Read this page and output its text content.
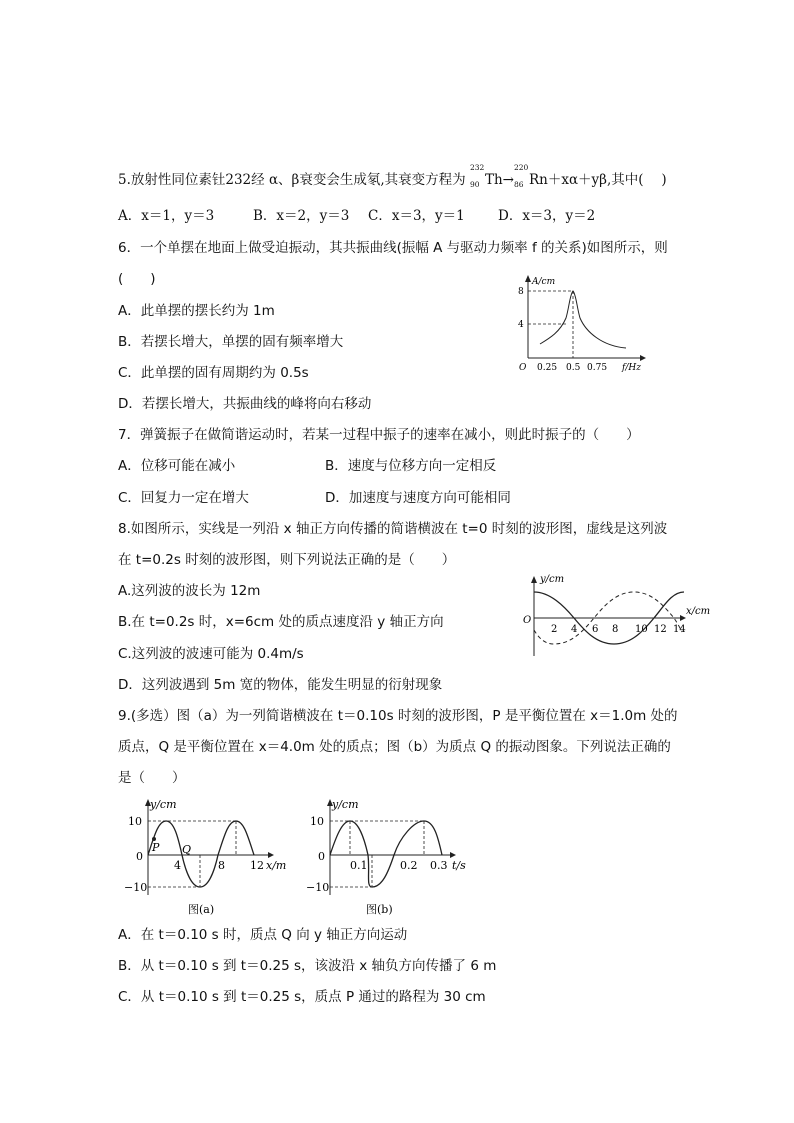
5.放射性同位素钍232经 α、β衰变会生成氡,其衰变方程为
232
90 Th→
220
86 Rn＋xα＋yβ,其中(　 )
A．x＝1，y＝3	B．x＝2，y＝3 C．x＝3，y＝1 D．x＝3，y＝2
6．一个单摆在地面上做受迫振动，其共振曲线(振幅 A 与驱动力频率 f 的关系)如图所示，则
(　　)
A．此单摆的摆长约为 1m
B．若摆长增大，单摆的固有频率增大
C．此单摆的固有周期约为 0.5s
D．若摆长增大，共振曲线的峰将向右移动
A/cm
8
4
O 0.25 0.5 0.75 f/Hz
7．弹簧振子在做简谐运动时，若某一过程中振子的速率在减小，则此时振子的（　　）
A．位移可能在减小	B．速度与位移方向一定相反
C．回复力一定在增大	D．加速度与速度方向可能相同
8.如图所示，实线是一列沿 x 轴正方向传播的简谐横波在 t=0 时刻的波形图，虚线是这列波
在 t=0.2s 时刻的波形图，则下列说法正确的是（　　）
A.这列波的波长为 12m
B.在 t=0.2s 时，x=6cm 处的质点速度沿 y 轴正方向
C.这列波的波速可能为 0.4m/s
D．这列波遇到 5m 宽的物体，能发生明显的衍射现象
y/cm
O
2 4 6 8 10 12 14
x/cm
9.(多选）图（a）为一列简谐横波在 t＝0.10s 时刻的波形图，P 是平衡位置在 x＝1.0m 处的
质点，Q 是平衡位置在 x＝4.0m 处的质点；图（b）为质点 Q 的振动图象。下列说法正确的
是（　　）
P Q
y/cm
10
0
−10
4	8 12 x/m
图(a)
y/cm
10
0
−10
0.1	0.2 0.3 t/s
图(b)
A．在 t＝0.10 s 时，质点 Q 向 y 轴正方向运动
B．从 t＝0.10 s 到 t＝0.25 s，该波沿 x 轴负方向传播了 6 m
C．从 t＝0.10 s 到 t＝0.25 s，质点 P 通过的路程为 30 cm
